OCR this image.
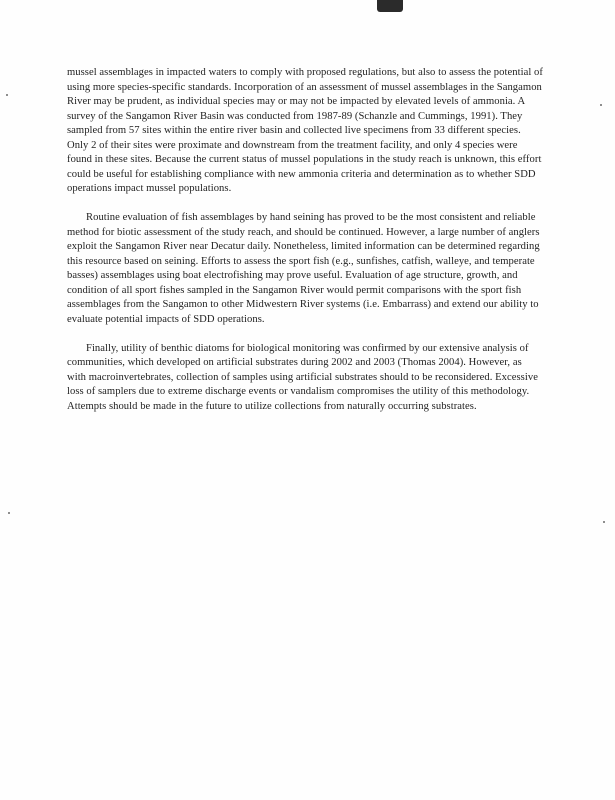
mussel assemblages in impacted waters to comply with proposed regulations, but also to assess the potential of using more species-specific standards. Incorporation of an assessment of mussel assemblages in the Sangamon River may be prudent, as individual species may or may not be impacted by elevated levels of ammonia. A survey of the Sangamon River Basin was conducted from 1987-89 (Schanzle and Cummings, 1991). They sampled from 57 sites within the entire river basin and collected live specimens from 33 different species. Only 2 of their sites were proximate and downstream from the treatment facility, and only 4 species were found in these sites. Because the current status of mussel populations in the study reach is unknown, this effort could be useful for establishing compliance with new ammonia criteria and determination as to whether SDD operations impact mussel populations.

Routine evaluation of fish assemblages by hand seining has proved to be the most consistent and reliable method for biotic assessment of the study reach, and should be continued. However, a large number of anglers exploit the Sangamon River near Decatur daily. Nonetheless, limited information can be determined regarding this resource based on seining. Efforts to assess the sport fish (e.g., sunfishes, catfish, walleye, and temperate basses) assemblages using boat electrofishing may prove useful. Evaluation of age structure, growth, and condition of all sport fishes sampled in the Sangamon River would permit comparisons with the sport fish assemblages from the Sangamon to other Midwestern River systems (i.e. Embarrass) and extend our ability to evaluate potential impacts of SDD operations.

Finally, utility of benthic diatoms for biological monitoring was confirmed by our extensive analysis of communities, which developed on artificial substrates during 2002 and 2003 (Thomas 2004). However, as with macroinvertebrates, collection of samples using artificial substrates should to be reconsidered. Excessive loss of samplers due to extreme discharge events or vandalism compromises the utility of this methodology. Attempts should be made in the future to utilize collections from naturally occurring substrates.
